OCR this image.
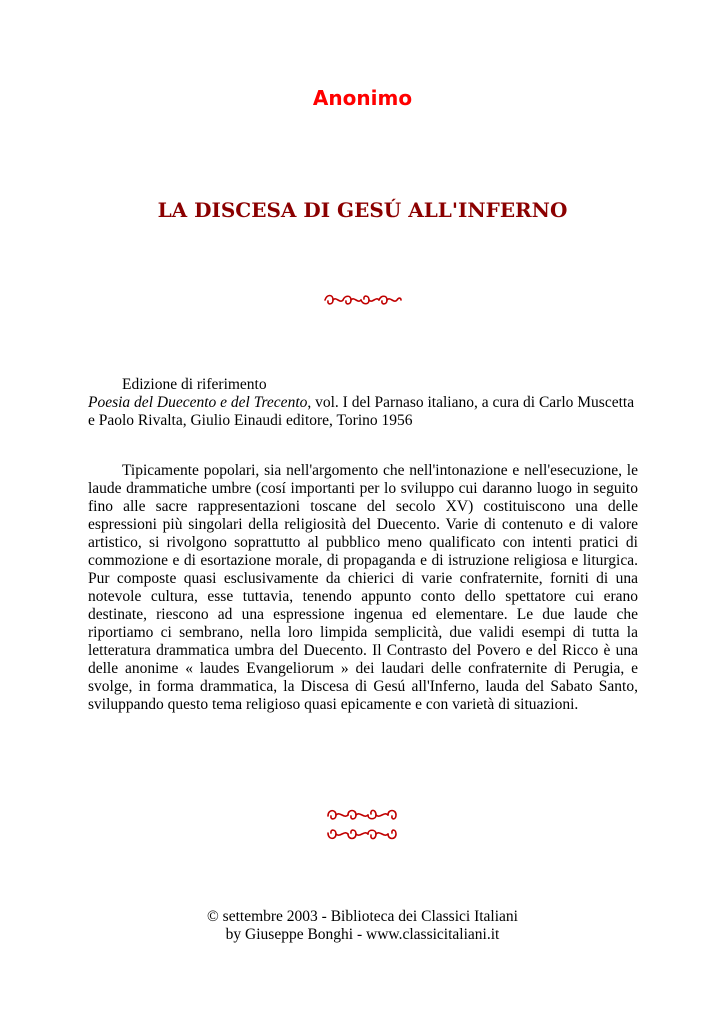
Anonimo
LA DISCESA DI GESÚ ALL'INFERNO
Edizione di riferimento
Poesia del Duecento e del Trecento, vol. I del Parnaso italiano, a cura di Carlo Muscetta e Paolo Rivalta, Giulio Einaudi editore, Torino 1956

Tipicamente popolari, sia nell'argomento che nell'intonazione e nell'esecuzione, le laude drammatiche umbre (cosí importanti per lo sviluppo cui daranno luogo in seguito fino alle sacre rappresentazioni toscane del secolo XV) costituiscono una delle espressioni più singolari della religiosità del Duecento. Varie di contenuto e di valore artistico, si rivolgono soprattutto al pubblico meno qualificato con intenti pratici di commozione e di esortazione morale, di propaganda e di istruzione religiosa e liturgica. Pur composte quasi esclusivamente da chierici di varie confraternite, forniti di una notevole cultura, esse tuttavia, tenendo appunto conto dello spettatore cui erano destinate, riescono ad una espressione ingenua ed elementare. Le due laude che riportiamo ci sembrano, nella loro limpida semplicità, due validi esempi di tutta la letteratura drammatica umbra del Duecento. Il Contrasto del Povero e del Ricco è una delle anonime « laudes Evangeliorum » dei laudari delle confraternite di Perugia, e svolge, in forma drammatica, la Discesa di Gesú all'Inferno, lauda del Sabato Santo, sviluppando questo tema religioso quasi epicamente e con varietà di situazioni.

© settembre 2003 - Biblioteca dei Classici Italiani
by Giuseppe Bonghi - www.classicitaliani.it
